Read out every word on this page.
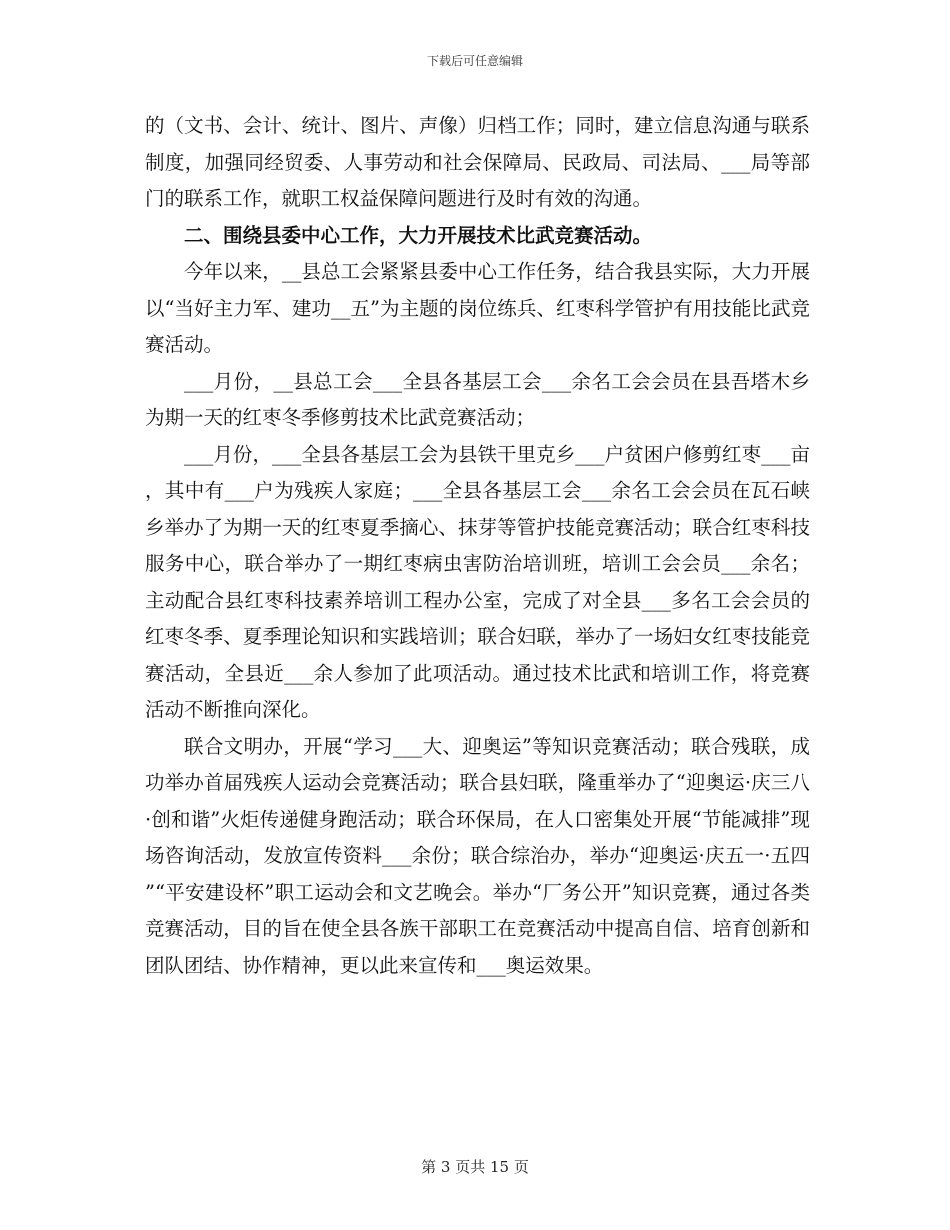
下载后可任意编辑

的（文书、会计、统计、图片、声像）归档工作；同时，建立信息沟通与联系制度，加强同经贸委、人事劳动和社会保障局、民政局、司法局、___局等部门的联系工作，就职工权益保障问题进行及时有效的沟通。

二、围绕县委中心工作，大力开展技术比武竞赛活动。

今年以来，__县总工会紧紧县委中心工作任务，结合我县实际，大力开展以“当好主力军、建功__五”为主题的岗位练兵、红枣科学管护有用技能比武竞赛活动。

___月份，__县总工会___全县各基层工会___余名工会会员在县吾塔木乡为期一天的红枣冬季修剪技术比武竞赛活动；

___月份，___全县各基层工会为县铁干里克乡___户贫困户修剪红枣___亩，其中有___户为残疾人家庭；___全县各基层工会___余名工会会员在瓦石峡乡举办了为期一天的红枣夏季摘心、抹芽等管护技能竞赛活动；联合红枣科技服务中心，联合举办了一期红枣病虫害防治培训班，培训工会会员___余名；主动配合县红枣科技素养培训工程办公室，完成了对全县___多名工会会员的红枣冬季、夏季理论知识和实践培训；联合妇联，举办了一场妇女红枣技能竞赛活动，全县近___余人参加了此项活动。通过技术比武和培训工作，将竞赛活动不断推向深化。

联合文明办，开展“学习___大、迎奥运”等知识竞赛活动；联合残联，成功举办首届残疾人运动会竞赛活动；联合县妇联，隆重举办了“迎奥运·庆三八·创和谐”火炬传递健身跑活动；联合环保局，在人口密集处开展“节能减排”现场咨询活动，发放宣传资料___余份；联合综治办，举办“迎奥运·庆五一·五四”“平安建设杯”职工运动会和文艺晚会。举办“厂务公开”知识竞赛，通过各类竞赛活动，目的旨在使全县各族干部职工在竞赛活动中提高自信、培育创新和团队团结、协作精神，更以此来宣传和___奥运效果。

第 3 页共 15 页
